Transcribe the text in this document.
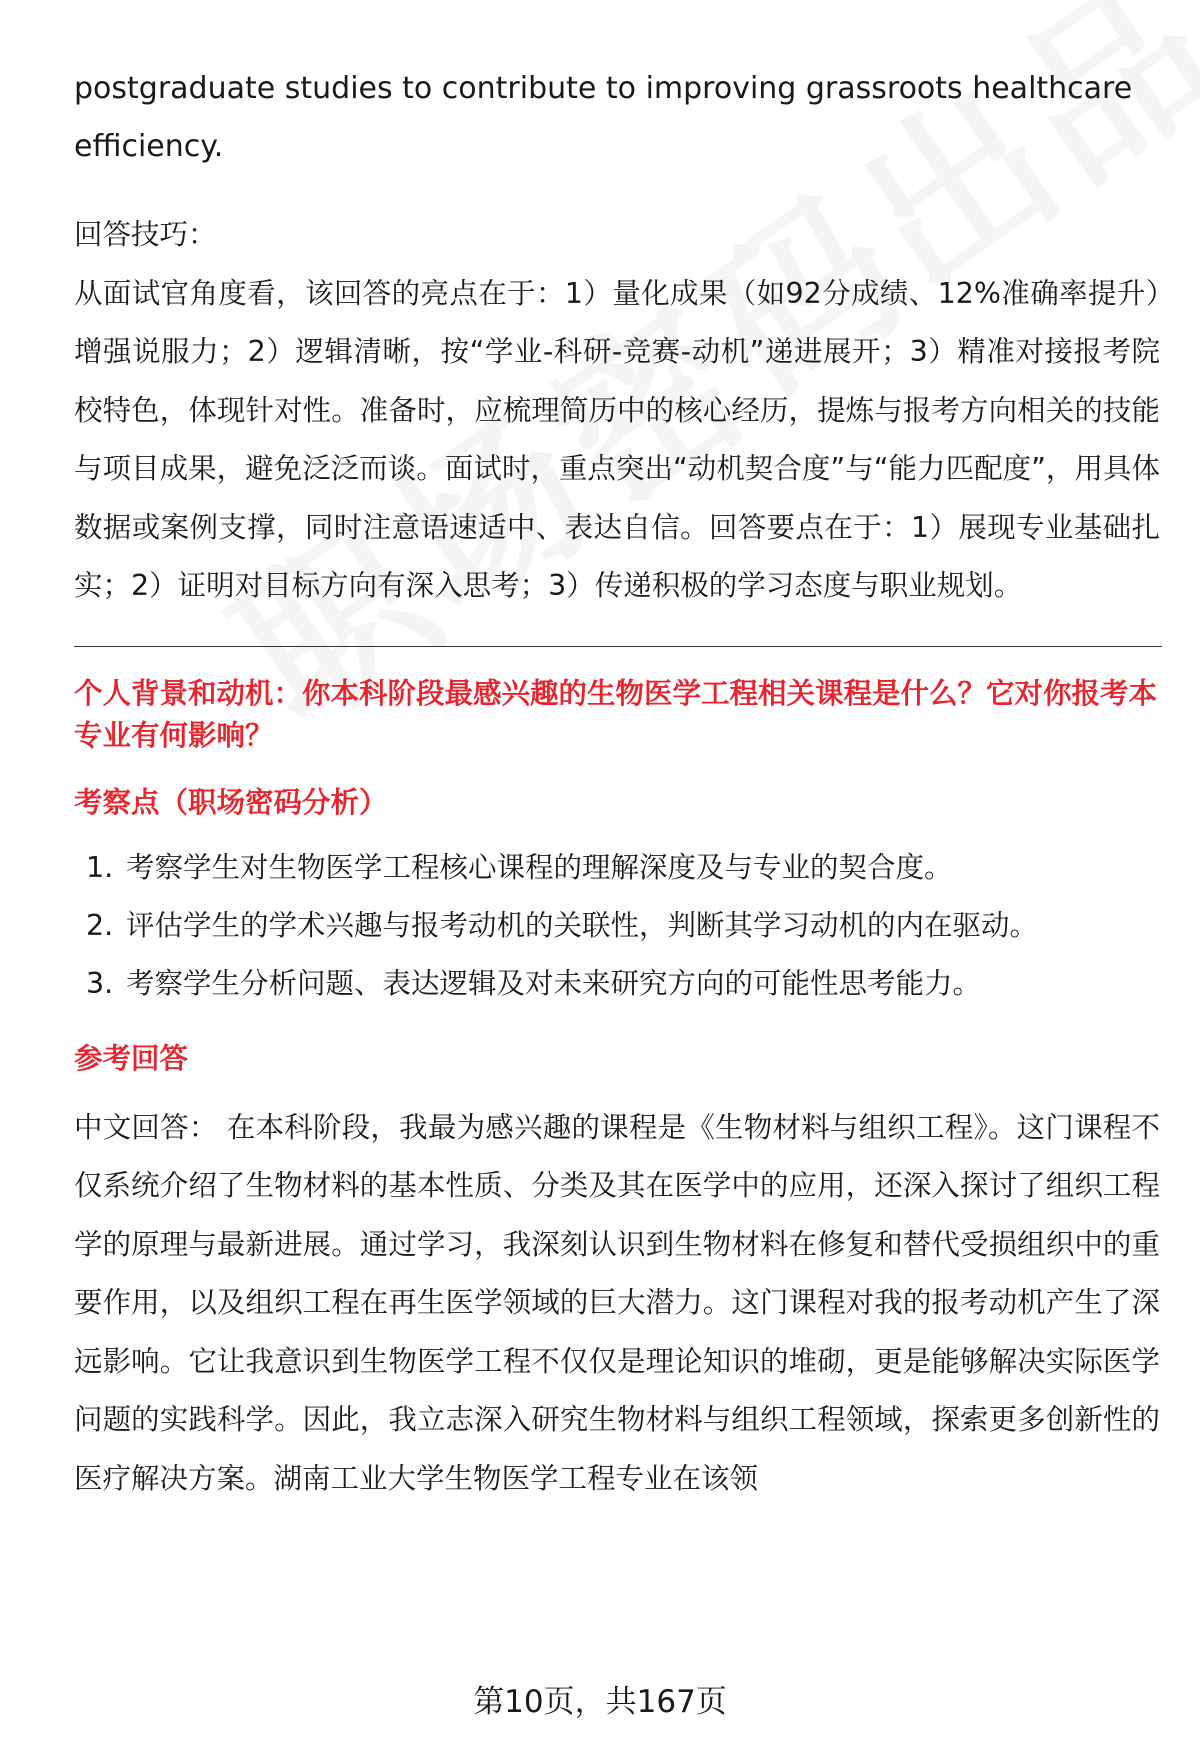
postgraduate studies to contribute to improving grassroots healthcare

efficiency.

回答技巧：

从面试官角度看，该回答的亮点在于：1）量化成果（如92分成绩、12%准确率提升）增强说服力；2）逻辑清晰，按“学业-科研-竞赛-动机”递进展开；3）精准对接报考院校特色，体现针对性。准备时，应梳理简历中的核心经历，提炼与报考方向相关的技能与项目成果，避免泛泛而谈。面试时，重点突出“动机契合度”与“能力匹配度”，用具体数据或案例支撑，同时注意语速适中、表达自信。回答要点在于：1）展现专业基础扎实；2）证明对目标方向有深入思考；3）传递积极的学习态度与职业规划。

个人背景和动机：你本科阶段最感兴趣的生物医学工程相关课程是什么？它对你报考本专业有何影响？

考察点（职场密码分析）

1. 考察学生对生物医学工程核心课程的理解深度及与专业的契合度。
2. 评估学生的学术兴趣与报考动机的关联性，判断其学习动机的内在驱动。
3. 考察学生分析问题、表达逻辑及对未来研究方向的可能性思考能力。

参考回答

中文回答： 在本科阶段，我最为感兴趣的课程是《生物材料与组织工程》。这门课程不仅系统介绍了生物材料的基本性质、分类及其在医学中的应用，还深入探讨了组织工程学的原理与最新进展。通过学习，我深刻认识到生物材料在修复和替代受损组织中的重要作用，以及组织工程在再生医学领域的巨大潜力。这门课程对我的报考动机产生了深远影响。它让我意识到生物医学工程不仅仅是理论知识的堆砌，更是能够解决实际医学问题的实践科学。因此，我立志深入研究生物材料与组织工程领域，探索更多创新性的医疗解决方案。湖南工业大学生物医学工程专业在该领

第10页，共167页
